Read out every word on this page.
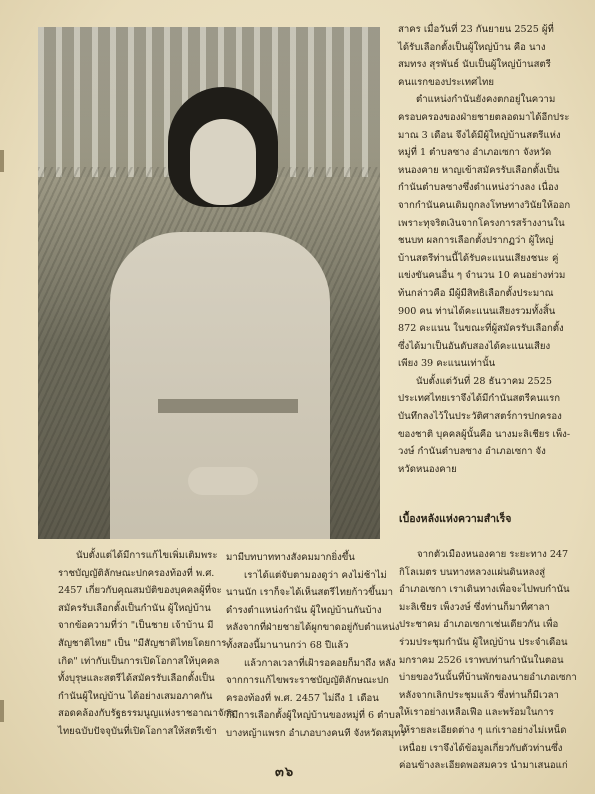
สาคร เมื่อวันที่ 23 กันยายน 2525 ผู้ที่
ได้รับเลือกตั้งเป็นผู้ใหญ่บ้าน คือ นาง
สมทรง สุรพันธ์ นับเป็นผู้ใหญ่บ้านสตรี
คนแรกของประเทศไทย
ตำแหน่งกำนันยังคงตกอยู่ในความ
ครอบครองของฝ่ายชายตลอดมาได้อีกประ
มาณ 3 เดือน จึงได้มีผู้ใหญ่บ้านสตรีแห่ง
หมู่ที่ 1 ตำบลซาง อำเภอเซกา จังหวัด
หนองคาย หาญเข้าสมัครรับเลือกตั้งเป็น
กำนันตำบลซางซึ่งตำแหน่งว่างลง เนื่อง
จากกำนันคนเดิมถูกลงโทษทางวินัยให้ออก
เพราะทุจริตเงินจากโครงการสร้างงานใน
ชนบท ผลการเลือกตั้งปรากฏว่า ผู้ใหญ่
บ้านสตรีท่านนี้ได้รับคะแนนเสียงชนะ คู่
แข่งขันคนอื่น ๆ จำนวน 10 คนอย่างท่วม
ท้นกล่าวคือ มีผู้มีสิทธิเลือกตั้งประมาณ
900 คน ท่านได้คะแนนเสียงรวมทั้งสิ้น
872 คะแนน ในขณะที่ผู้สมัครรับเลือกตั้ง
ซึ่งได้มาเป็นอันดับสองได้คะแนนเสียง
เพียง 39 คะแนนเท่านั้น
นับตั้งแต่วันที่ 28 ธันวาคม 2525
ประเทศไทยเราจึงได้มีกำนันสตรีคนแรก
บันทึกลงไว้ในประวัติศาสตร์การปกครอง
ของชาติ บุคคลผู้นั้นคือ นางมะลิเชียร เพ็ง-
วงษ์ กำนันตำบลซาง อำเภอเซกา จัง
หวัดหนองคาย
เบื้องหลังแห่งความสำเร็จ
นับตั้งแต่ได้มีการแก้ไขเพิ่มเติมพระ
ราชบัญญัติลักษณะปกครองท้องที่ พ.ศ.
2457 เกี่ยวกับคุณสมบัติของบุคคลผู้ที่จะ
สมัครรับเลือกตั้งเป็นกำนัน ผู้ใหญ่บ้าน
จากข้อความที่ว่า "เป็นชาย เจ้าบ้าน มี
สัญชาติไทย" เป็น "มีสัญชาติไทยโดยการ
เกิด" เท่ากับเป็นการเปิดโอกาสให้บุคคล
ทั้งบุรุษและสตรีได้สมัครรับเลือกตั้งเป็น
กำนันผู้ใหญ่บ้าน ได้อย่างเสมอภาคกัน
สอดคล้องกับรัฐธรรมนูญแห่งราชอาณาจักร
ไทยฉบับปัจจุบันที่เปิดโอกาสให้สตรีเข้า
มามีบทบาททางสังคมมากยิ่งขึ้น
เราได้แต่จับตามองดูว่า คงไม่ช้าไม่
นานนัก เราก็จะได้เห็นสตรีไทยก้าวขึ้นมา
ดำรงตำแหน่งกำนัน ผู้ใหญ่บ้านกันบ้าง
หลังจากที่ฝ่ายชายได้ผูกขาดอยู่กับตำแหน่ง
ทั้งสองนี้มานานกว่า 68 ปีแล้ว
แล้วกาลเวลาที่เฝ้ารอคอยก็มาถึง หลัง
จากการแก้ไขพระราชบัญญัติลักษณะปก
ครองท้องที่ พ.ศ. 2457 ไม่ถึง 1 เดือน
ก็มีการเลือกตั้งผู้ใหญ่บ้านของหมู่ที่ 6 ตำบล
บางหญ้าแพรก อำเภอบางคนที จังหวัดสมุทร
จากตัวเมืองหนองคาย ระยะทาง 247
กิโลเมตร บนทางหลวงแผ่นดินหลงสู่
อำเภอเซกา เราเดินทางเพื่อจะไปพบกำนัน
มะลิเชียร เพ็งวงษ์ ซึ่งท่านก็มาที่ศาลา
ประชาคม อำเภอเซกาเช่นเดียวกัน เพื่อ
ร่วมประชุมกำนัน ผู้ใหญ่บ้าน ประจำเดือน
มกราคม 2526 เราพบท่านกำนันในตอน
บ่ายของวันนั้นที่บ้านพักของนายอำเภอเซกา
หลังจากเลิกประชุมแล้ว ซึ่งท่านก็มีเวลา
ให้เราอย่างเหลือเฟือ และพร้อมในการ
ให้รายละเอียดต่าง ๆ แก่เราอย่างไม่เหน็ด
เหนื่อย เราจึงได้ข้อมูลเกี่ยวกับตัวท่านซึ่ง
ค่อนข้างละเอียดพอสมควร นำมาเสนอแก่
๓๖
